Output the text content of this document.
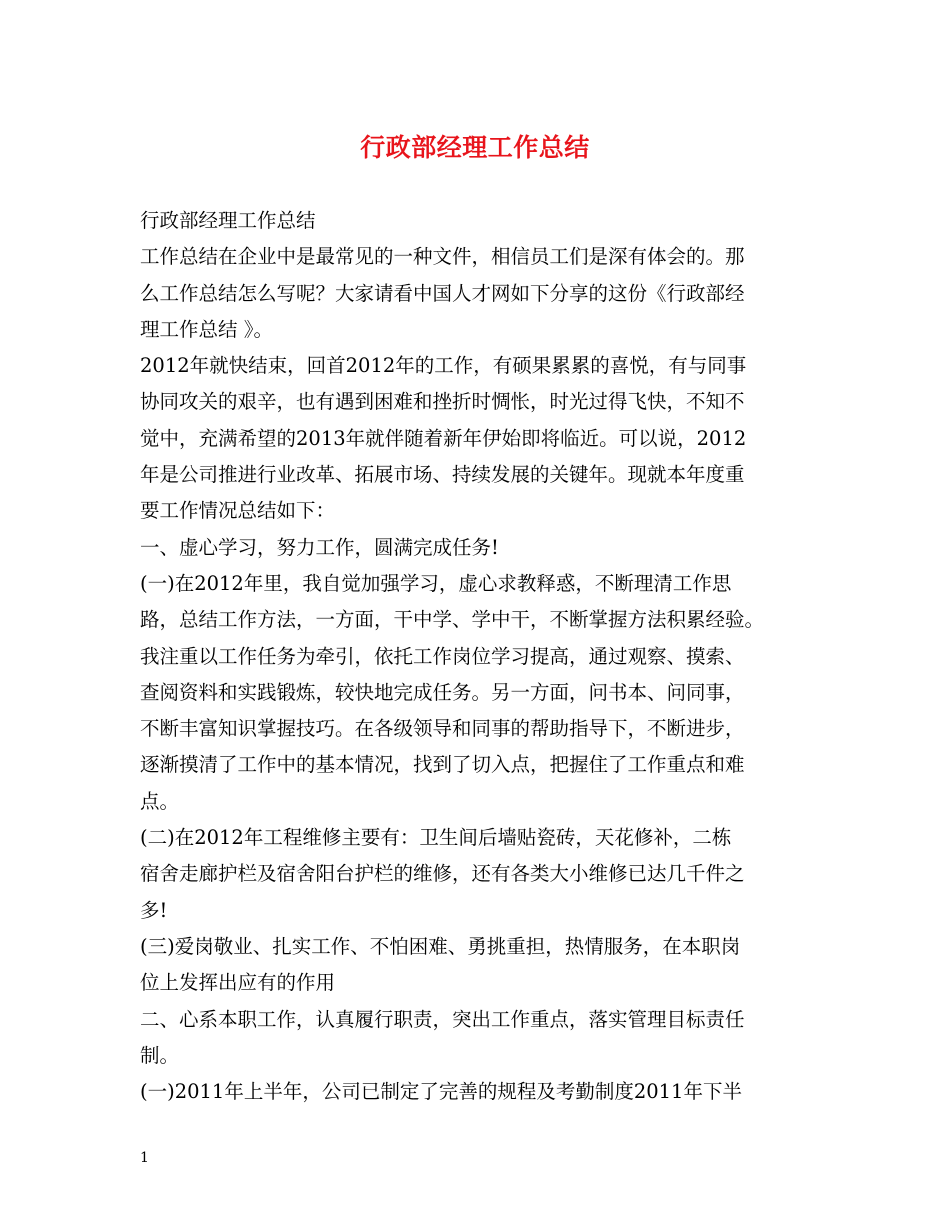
行政部经理工作总结
行政部经理工作总结
工作总结在企业中是最常见的一种文件，相信员工们是深有体会的。那
么工作总结怎么写呢？大家请看中国人才网如下分享的这份《行政部经
理工作总结 》。
2012年就快结束，回首2012年的工作，有硕果累累的喜悦，有与同事
协同攻关的艰辛，也有遇到困难和挫折时惆怅，时光过得飞快，不知不
觉中，充满希望的2013年就伴随着新年伊始即将临近。可以说，2012
年是公司推进行业改革、拓展市场、持续发展的关键年。现就本年度重
要工作情况总结如下：
一、虚心学习，努力工作，圆满完成任务!
(一)在2012年里，我自觉加强学习，虚心求教释惑，不断理清工作思
路，总结工作方法，一方面，干中学、学中干，不断掌握方法积累经验。
我注重以工作任务为牵引，依托工作岗位学习提高，通过观察、摸索、
查阅资料和实践锻炼，较快地完成任务。另一方面，问书本、问同事，
不断丰富知识掌握技巧。在各级领导和同事的帮助指导下，不断进步，
逐渐摸清了工作中的基本情况，找到了切入点，把握住了工作重点和难
点。
(二)在2012年工程维修主要有：卫生间后墙贴瓷砖，天花修补，二栋
宿舍走廊护栏及宿舍阳台护栏的维修，还有各类大小维修已达几千件之
多!
(三)爱岗敬业、扎实工作、不怕困难、勇挑重担，热情服务，在本职岗
位上发挥出应有的作用
二、心系本职工作，认真履行职责，突出工作重点，落实管理目标责任
制。
(一)2011年上半年，公司已制定了完善的规程及考勤制度2011年下半
1
